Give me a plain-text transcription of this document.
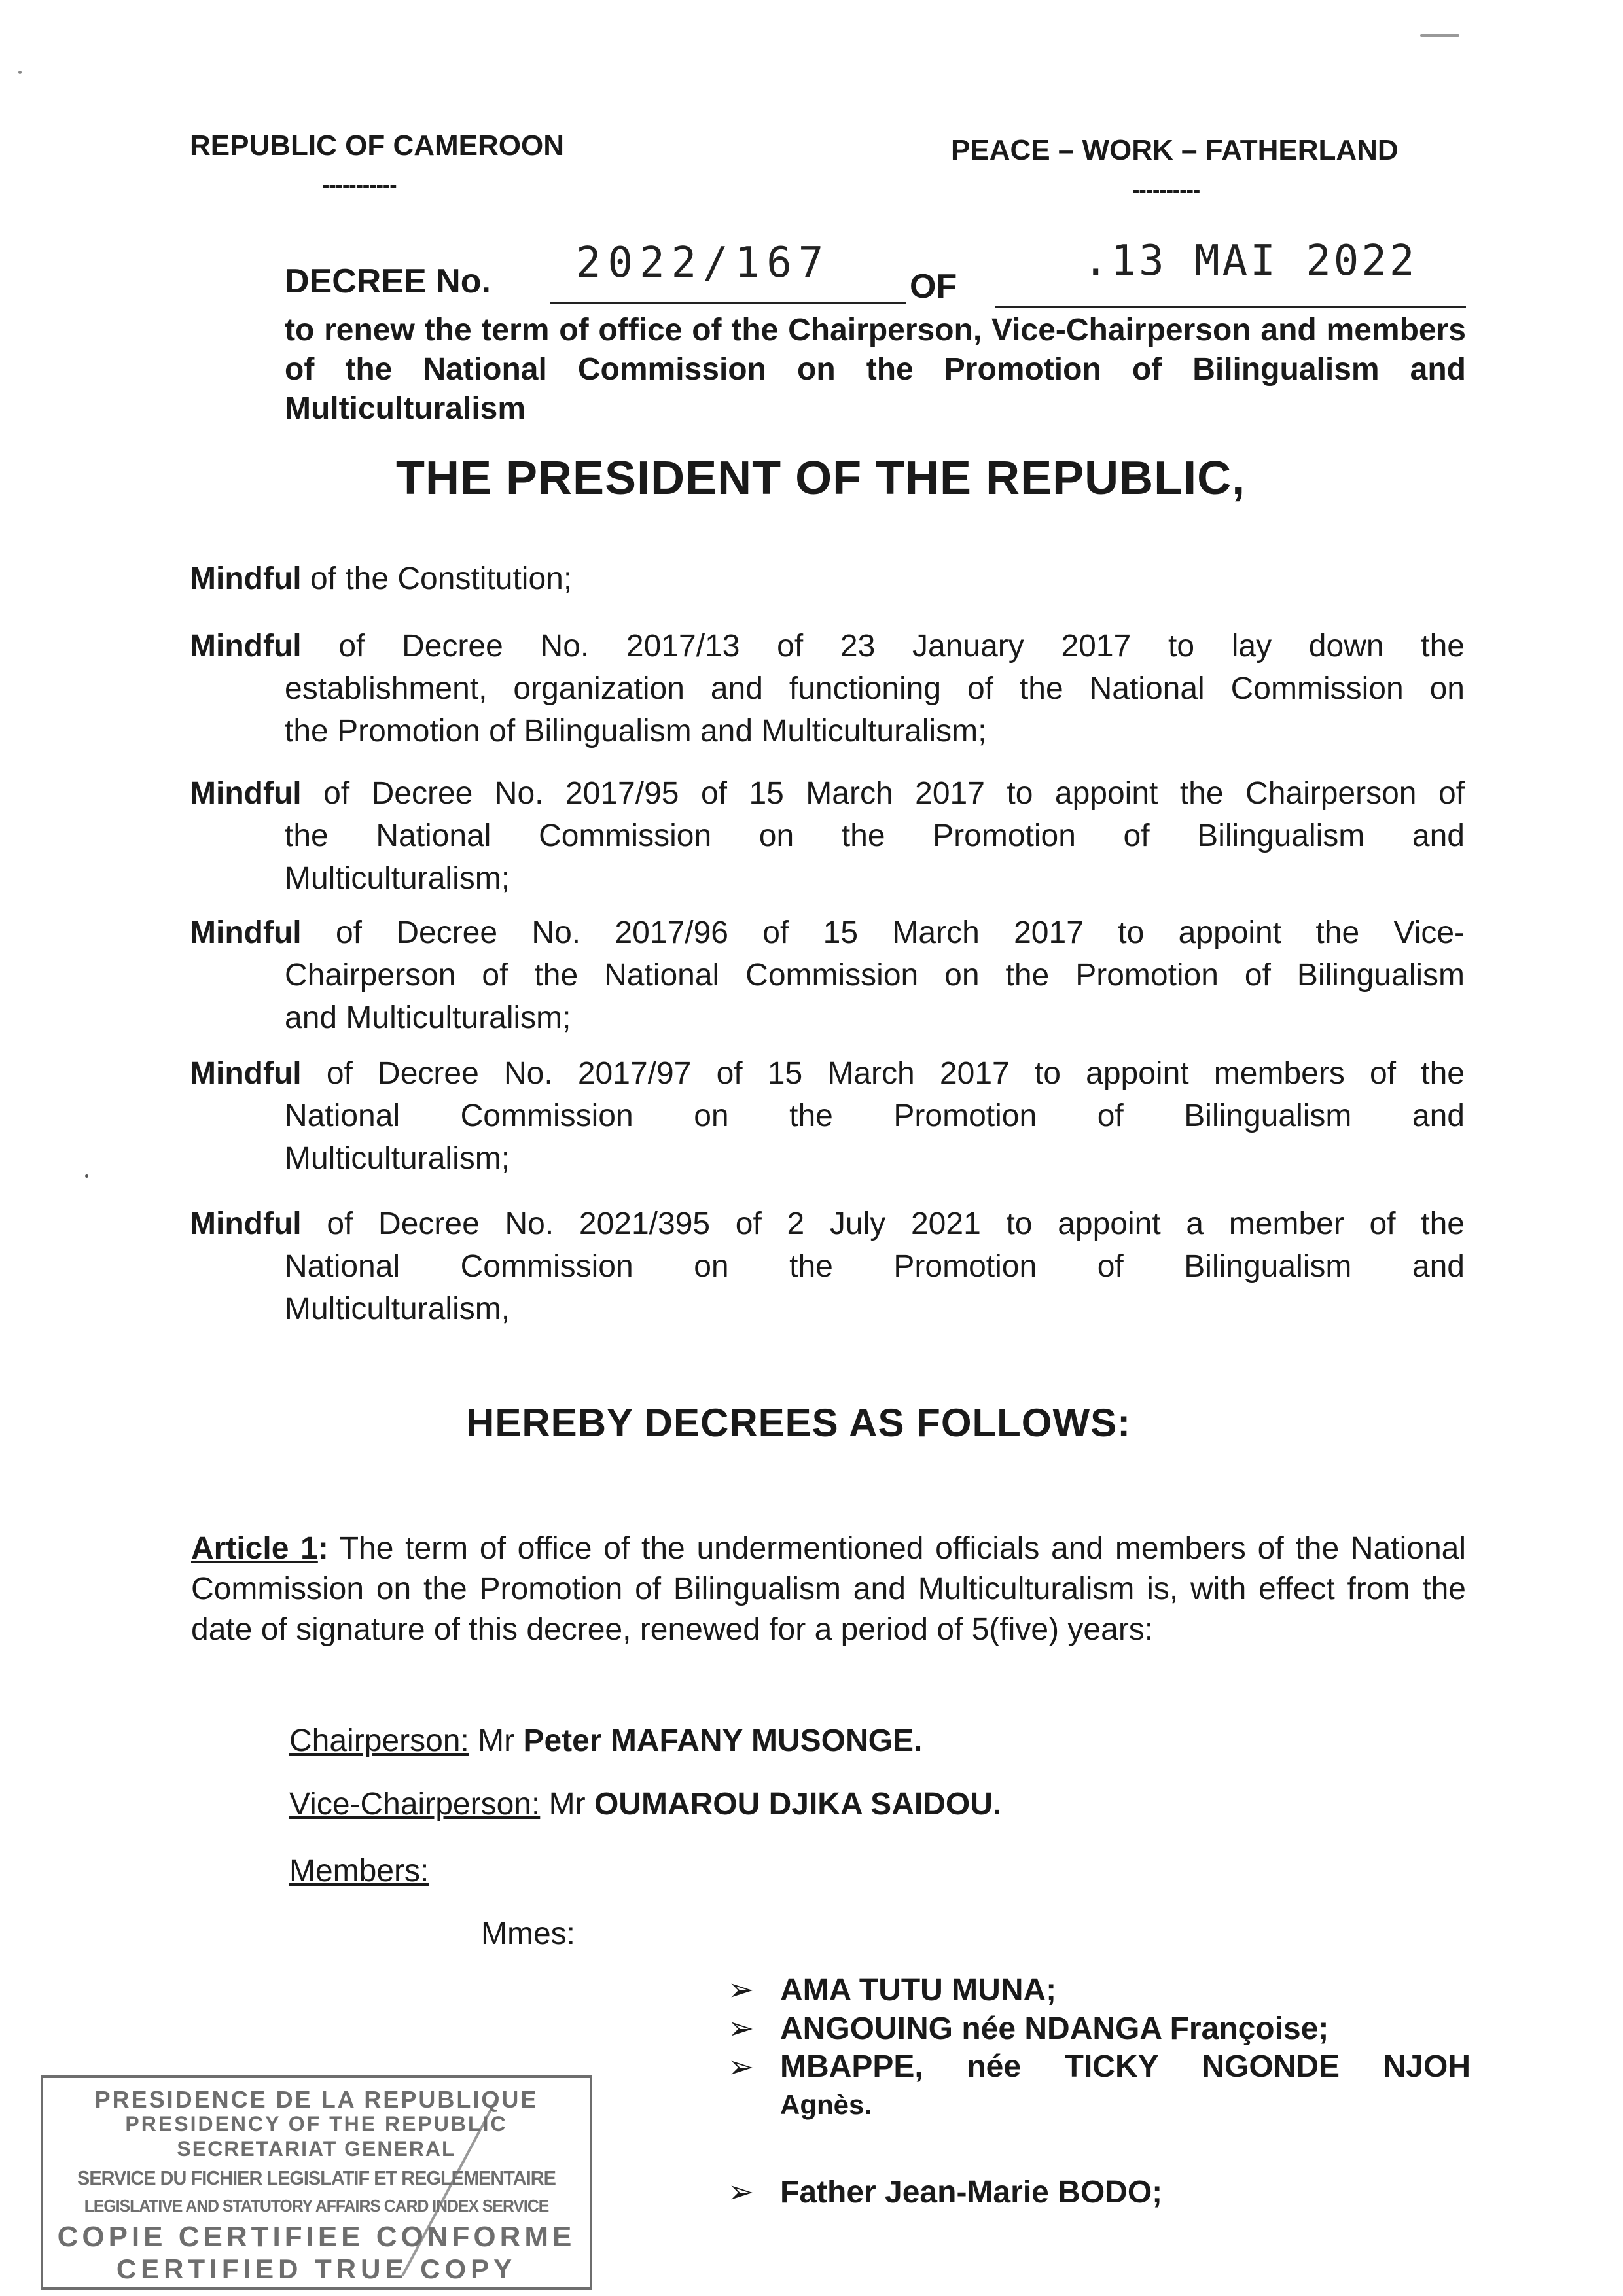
REPUBLIC OF CAMEROON
-----------
PEACE – WORK – FATHERLAND
----------
DECREE No. 2022/167 OF
.13 MAI 2022
to renew the term of office of the Chairperson, Vice-Chairperson and members of the National Commission on the Promotion of Bilingualism and Multiculturalism
THE PRESIDENT OF THE REPUBLIC,
Mindful of the Constitution;
Mindful of Decree No. 2017/13 of 23 January 2017 to lay down the
establishment, organization and functioning of the National Commission on
the Promotion of Bilingualism and Multiculturalism;
Mindful of Decree No. 2017/95 of 15 March 2017 to appoint the Chairperson of
the National Commission on the Promotion of Bilingualism and
Multiculturalism;
Mindful of Decree No. 2017/96 of 15 March 2017 to appoint the Vice-
Chairperson of the National Commission on the Promotion of Bilingualism
and Multiculturalism;
Mindful of Decree No. 2017/97 of 15 March 2017 to appoint members of the
National Commission on the Promotion of Bilingualism and
Multiculturalism;
Mindful of Decree No. 2021/395 of 2 July 2021 to appoint a member of the
National Commission on the Promotion of Bilingualism and
Multiculturalism,
HEREBY DECREES AS FOLLOWS:
Article 1: The term of office of the undermentioned officials and members of the National Commission on the Promotion of Bilingualism and Multiculturalism is, with effect from the date of signature of this decree, renewed for a period of 5(five) years:
Chairperson: Mr Peter MAFANY MUSONGE.
Vice-Chairperson: Mr OUMAROU DJIKA SAIDOU.
Members:
Mmes:
➢ AMA TUTU MUNA;
➢ ANGOUING née NDANGA Françoise;
➢ MBAPPE, née TICKY NGONDE NJOH
Agnès.
➢ Father Jean-Marie BODO;
PRESIDENCE DE LA REPUBLIQUE
PRESIDENCY OF THE REPUBLIC
SECRETARIAT GENERAL
SERVICE DU FICHIER LEGISLATIF ET REGLEMENTAIRE
LEGISLATIVE AND STATUTORY AFFAIRS CARD INDEX SERVICE
COPIE CERTIFIEE CONFORME
CERTIFIED TRUE COPY
